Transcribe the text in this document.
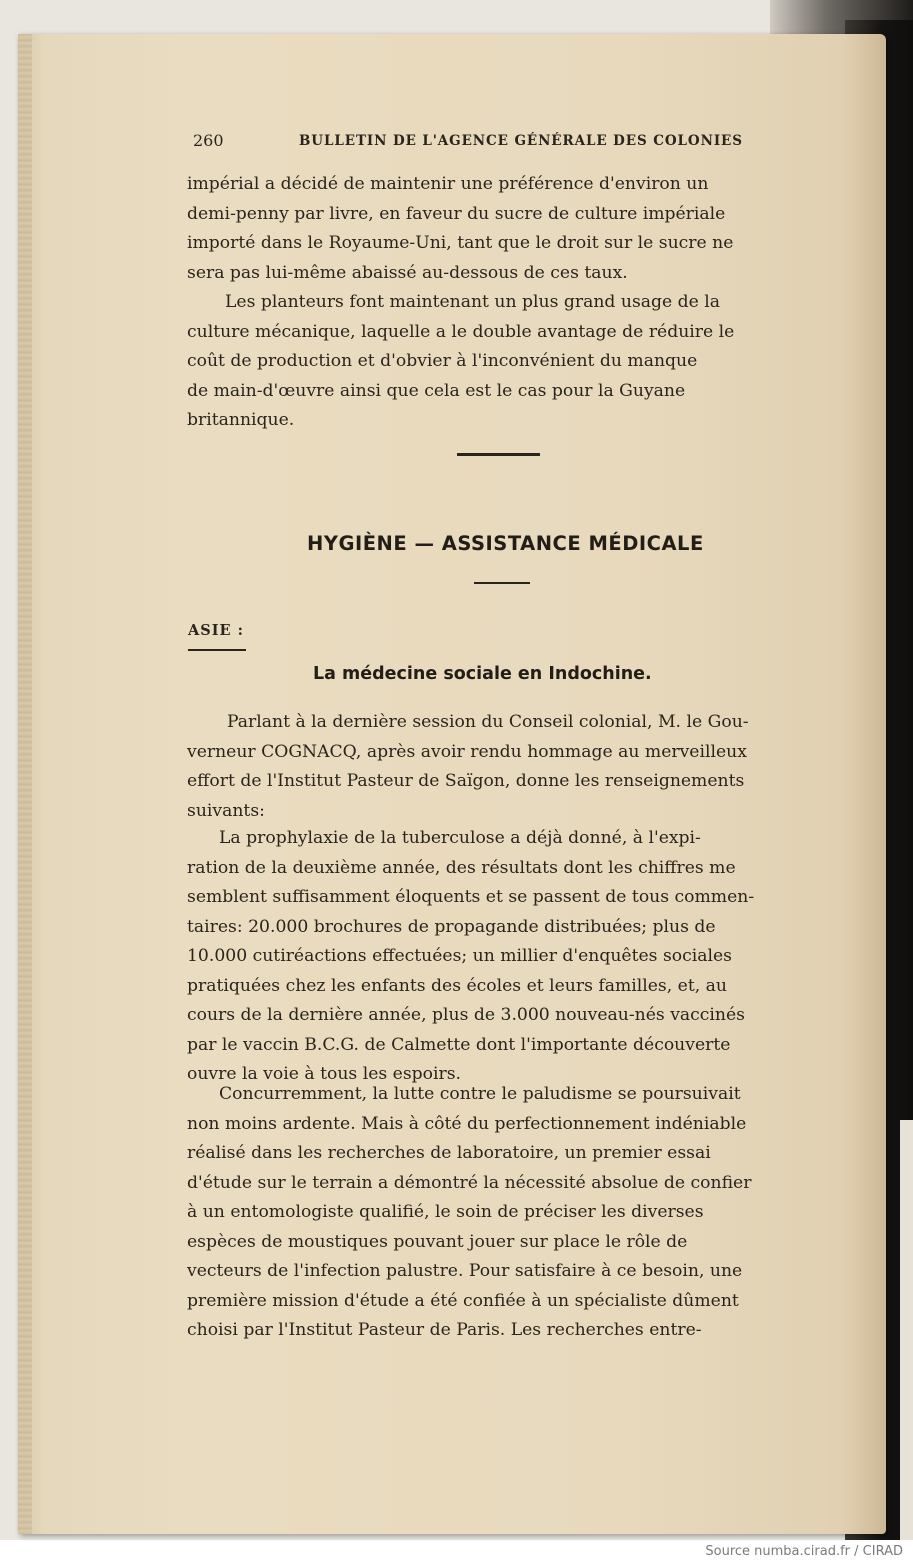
260	BULLETIN DE L'AGENCE GÉNÉRALE DES COLONIES
impérial a décidé de maintenir une préférence d'environ un
demi-penny par livre, en faveur du sucre de culture impériale
importé dans le Royaume-Uni, tant que le droit sur le sucre ne
sera pas lui-même abaissé au-dessous de ces taux.
Les planteurs font maintenant un plus grand usage de la
culture mécanique, laquelle a le double avantage de réduire le
coût de production et d'obvier à l'inconvénient du manque
de main-d'œuvre ainsi que cela est le cas pour la Guyane
britannique.
HYGIÈNE — ASSISTANCE MÉDICALE
ASIE :
La médecine sociale en Indochine.
Parlant à la dernière session du Conseil colonial, M. le Gou-
verneur COGNACQ, après avoir rendu hommage au merveilleux
effort de l'Institut Pasteur de Saïgon, donne les renseignements
suivants:
La prophylaxie de la tuberculose a déjà donné, à l'expi-
ration de la deuxième année, des résultats dont les chiffres me
semblent suffisamment éloquents et se passent de tous commen-
taires: 20.000 brochures de propagande distribuées; plus de
10.000 cutiréactions effectuées; un millier d'enquêtes sociales
pratiquées chez les enfants des écoles et leurs familles, et, au
cours de la dernière année, plus de 3.000 nouveau-nés vaccinés
par le vaccin B.C.G. de Calmette dont l'importante découverte
ouvre la voie à tous les espoirs.
Concurremment, la lutte contre le paludisme se poursuivait
non moins ardente. Mais à côté du perfectionnement indéniable
réalisé dans les recherches de laboratoire, un premier essai
d'étude sur le terrain a démontré la nécessité absolue de confier
à un entomologiste qualifié, le soin de préciser les diverses
espèces de moustiques pouvant jouer sur place le rôle de
vecteurs de l'infection palustre. Pour satisfaire à ce besoin, une
première mission d'étude a été confiée à un spécialiste dûment
choisi par l'Institut Pasteur de Paris. Les recherches entre-
Source numba.cirad.fr / CIRAD
